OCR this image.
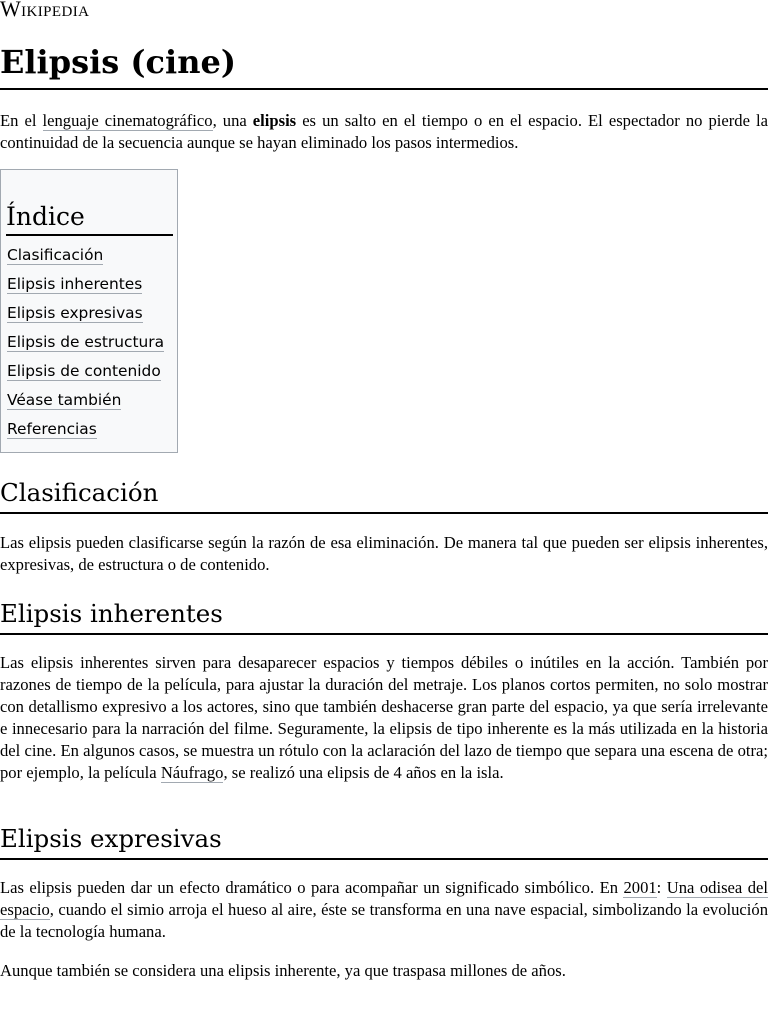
Wikipedia
Elipsis (cine)

En el lenguaje cinematográfico, una elipsis es un salto en el tiempo o en el espacio. El espectador no pierde la continuidad de la secuencia aunque se hayan eliminado los pasos intermedios.

Índice
Clasificación
Elipsis inherentes
Elipsis expresivas
Elipsis de estructura
Elipsis de contenido
Véase también
Referencias
Clasificación

Las elipsis pueden clasificarse según la razón de esa eliminación. De manera tal que pueden ser elipsis inherentes, expresivas, de estructura o de contenido.

Elipsis inherentes

Las elipsis inherentes sirven para desaparecer espacios y tiempos débiles o inútiles en la acción. También por razones de tiempo de la película, para ajustar la duración del metraje. Los planos cortos permiten, no solo mostrar con detallismo expresivo a los actores, sino que también deshacerse gran parte del espacio, ya que sería irrelevante e innecesario para la narración del filme. Seguramente, la elipsis de tipo inherente es la más utilizada en la historia del cine. En algunos casos, se muestra un rótulo con la aclaración del lazo de tiempo que separa una escena de otra; por ejemplo, la película Náufrago, se realizó una elipsis de 4 años en la isla.

Elipsis expresivas

Las elipsis pueden dar un efecto dramático o para acompañar un significado simbólico. En 2001: Una odisea del espacio, cuando el simio arroja el hueso al aire, éste se transforma en una nave espacial, simbolizando la evolución de la tecnología humana.

Aunque también se considera una elipsis inherente, ya que traspasa millones de años.
